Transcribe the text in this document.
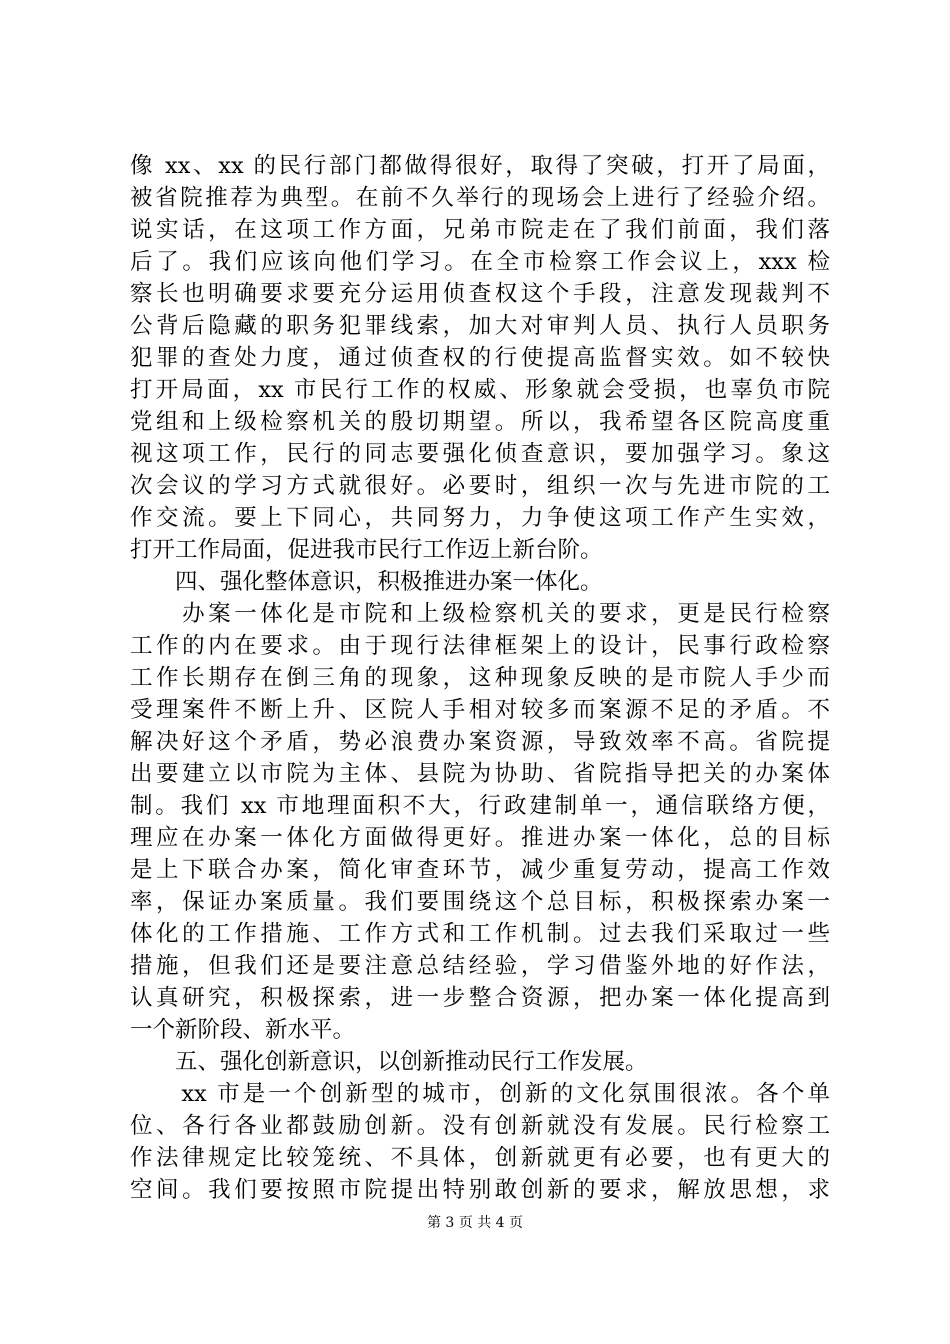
像 xx、xx 的民行部门都做得很好，取得了突破，打开了局面，
被省院推荐为典型。在前不久举行的现场会上进行了经验介绍。
说实话，在这项工作方面，兄弟市院走在了我们前面，我们落
后了。我们应该向他们学习。在全市检察工作会议上，xxx 检
察长也明确要求要充分运用侦查权这个手段，注意发现裁判不
公背后隐藏的职务犯罪线索，加大对审判人员、执行人员职务
犯罪的查处力度，通过侦查权的行使提高监督实效。如不较快
打开局面，xx 市民行工作的权威、形象就会受损，也辜负市院
党组和上级检察机关的殷切期望。所以，我希望各区院高度重
视这项工作，民行的同志要强化侦查意识，要加强学习。象这
次会议的学习方式就很好。必要时，组织一次与先进市院的工
作交流。要上下同心，共同努力，力争使这项工作产生实效，
打开工作局面，促进我市民行工作迈上新台阶。
　　四、强化整体意识，积极推进办案一体化。
　　办案一体化是市院和上级检察机关的要求，更是民行检察
工作的内在要求。由于现行法律框架上的设计，民事行政检察
工作长期存在倒三角的现象，这种现象反映的是市院人手少而
受理案件不断上升、区院人手相对较多而案源不足的矛盾。不
解决好这个矛盾，势必浪费办案资源，导致效率不高。省院提
出要建立以市院为主体、县院为协助、省院指导把关的办案体
制。我们 xx 市地理面积不大，行政建制单一，通信联络方便，
理应在办案一体化方面做得更好。推进办案一体化，总的目标
是上下联合办案，简化审查环节，减少重复劳动，提高工作效
率，保证办案质量。我们要围绕这个总目标，积极探索办案一
体化的工作措施、工作方式和工作机制。过去我们采取过一些
措施，但我们还是要注意总结经验，学习借鉴外地的好作法，
认真研究，积极探索，进一步整合资源，把办案一体化提高到
一个新阶段、新水平。
　　五、强化创新意识，以创新推动民行工作发展。
　　xx 市是一个创新型的城市，创新的文化氛围很浓。各个单
位、各行各业都鼓励创新。没有创新就没有发展。民行检察工
作法律规定比较笼统、不具体，创新就更有必要，也有更大的
空间。我们要按照市院提出特别敢创新的要求，解放思想，求
第 3 页 共 4 页
